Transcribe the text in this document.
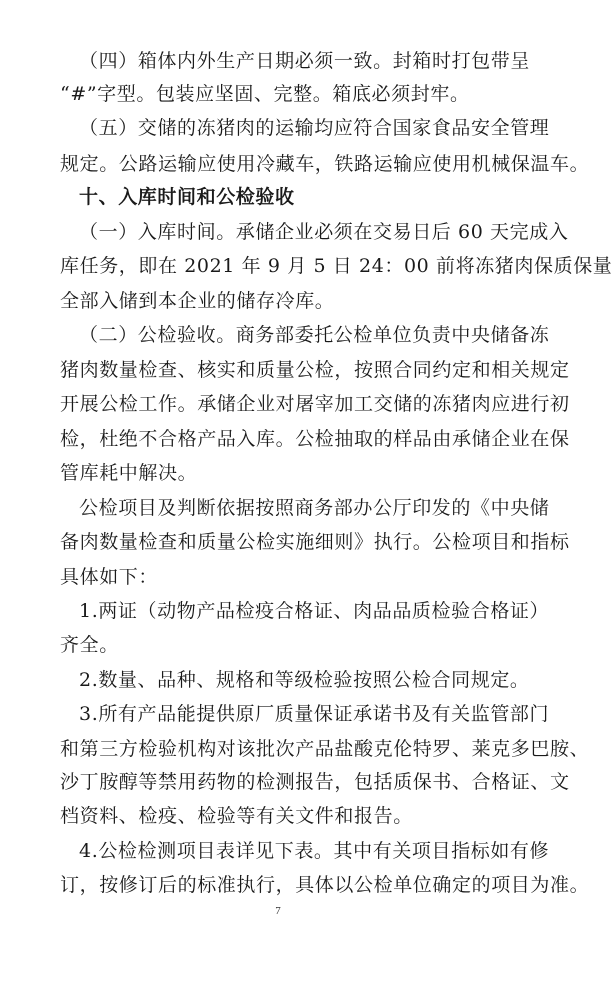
（四）箱体内外生产日期必须一致。封箱时打包带呈
“#”字型。包装应坚固、完整。箱底必须封牢。
（五）交储的冻猪肉的运输均应符合国家食品安全管理
规定。公路运输应使用冷藏车，铁路运输应使用机械保温车。
十、入库时间和公检验收
（一）入库时间。承储企业必须在交易日后 60 天完成入
库任务，即在 2021 年 9 月 5 日 24：00 前将冻猪肉保质保量
全部入储到本企业的储存冷库。
（二）公检验收。商务部委托公检单位负责中央储备冻
猪肉数量检查、核实和质量公检，按照合同约定和相关规定
开展公检工作。承储企业对屠宰加工交储的冻猪肉应进行初
检，杜绝不合格产品入库。公检抽取的样品由承储企业在保
管库耗中解决。
公检项目及判断依据按照商务部办公厅印发的《中央储
备肉数量检查和质量公检实施细则》执行。公检项目和指标
具体如下：
1.两证（动物产品检疫合格证、肉品品质检验合格证）
齐全。
2.数量、品种、规格和等级检验按照公检合同规定。
3.所有产品能提供原厂质量保证承诺书及有关监管部门
和第三方检验机构对该批次产品盐酸克伦特罗、莱克多巴胺、
沙丁胺醇等禁用药物的检测报告，包括质保书、合格证、文
档资料、检疫、检验等有关文件和报告。
4.公检检测项目表详见下表。其中有关项目指标如有修
订，按修订后的标准执行，具体以公检单位确定的项目为准。
7
